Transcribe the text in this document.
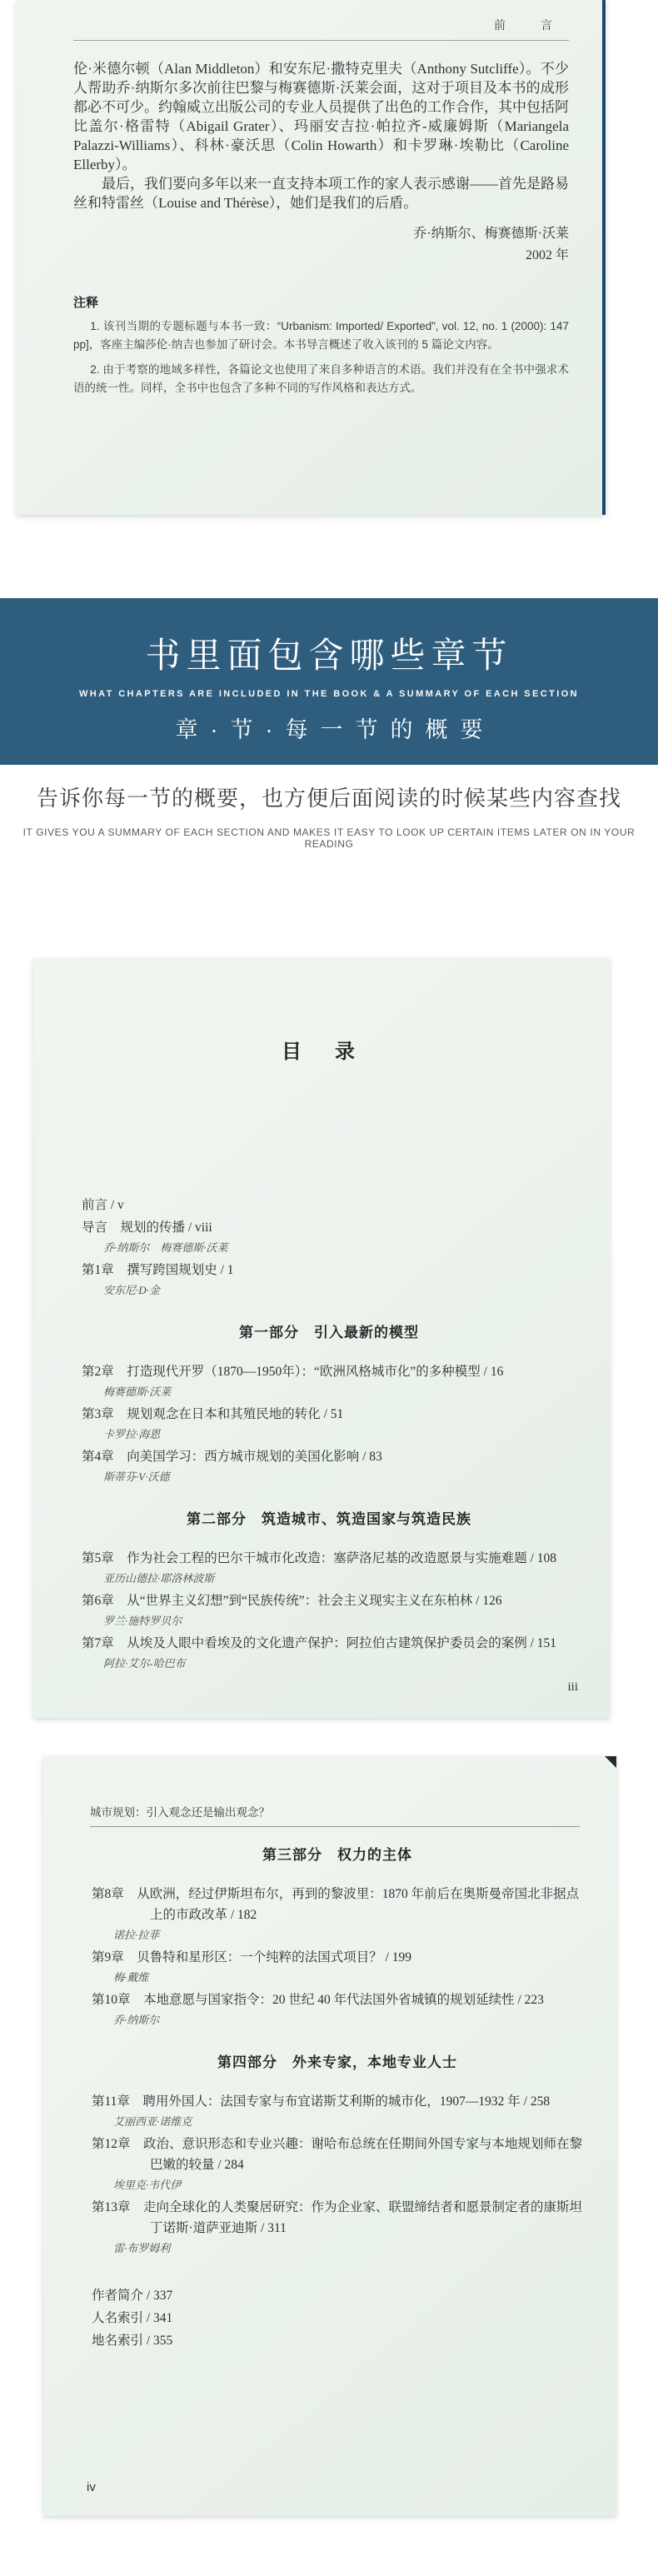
前　言

伦·米德尔顿（Alan Middleton）和安东尼·撒特克里夫（Anthony Sutcliffe）。不少人帮助乔·纳斯尔多次前往巴黎与梅赛德斯·沃莱会面，这对于项目及本书的成形都必不可少。约翰威立出版公司的专业人员提供了出色的工作合作，其中包括阿比盖尔·格雷特（Abigail Grater）、玛丽安吉拉·帕拉齐-威廉姆斯（Mariangela Palazzi-Williams）、科林·豪沃思（Colin Howarth）和卡罗琳·埃勒比（Caroline Ellerby）。

最后，我们要向多年以来一直支持本项工作的家人表示感谢——首先是路易丝和特雷丝（Louise and Thérèse），她们是我们的后盾。

乔·纳斯尔、梅赛德斯·沃莱
2002 年
注释

1. 该刊当期的专题标题与本书一致：“Urbanism: Imported/ Exported”, vol. 12, no. 1 (2000): 147 pp]，客座主编莎伦·纳吉也参加了研讨会。本书导言概述了收入该刊的 5 篇论文内容。

2. 由于考察的地域多样性，各篇论文也使用了来自多种语言的术语。我们并没有在全书中强求术语的统一性。同样，全书中也包含了多种不同的写作风格和表达方式。

书里面包含哪些章节
WHAT CHAPTERS ARE INCLUDED IN THE BOOK & A SUMMARY OF EACH SECTION
章·节·每一节的概要
告诉你每一节的概要，也方便后面阅读的时候某些内容查找
IT GIVES YOU A SUMMARY OF EACH SECTION AND MAKES IT EASY TO LOOK UP CERTAIN ITEMS LATER ON IN YOUR READING
目　录
前言 / v
导言　规划的传播 / viii
乔·纳斯尔　梅赛德斯·沃莱
第1章　撰写跨国规划史 / 1
安东尼·D·金
第一部分　引入最新的模型
第2章　打造现代开罗（1870—1950年）：“欧洲风格城市化”的多种模型 / 16
梅赛德斯·沃莱
第3章　规划观念在日本和其殖民地的转化 / 51
卡罗拉·海恩
第4章　向美国学习：西方城市规划的美国化影响 / 83
斯蒂芬·V·沃德
第二部分　筑造城市、筑造国家与筑造民族
第5章　作为社会工程的巴尔干城市化改造：塞萨洛尼基的改造愿景与实施难题 / 108
亚历山德拉·耶洛林波斯
第6章　从“世界主义幻想”到“民族传统”：社会主义现实主义在东柏林 / 126
罗兰·施特罗贝尔
第7章　从埃及人眼中看埃及的文化遗产保护：阿拉伯古建筑保护委员会的案例 / 151
阿拉·艾尔-哈巴布
iii
城市规划：引入观念还是输出观念？
第三部分　权力的主体
第8章　从欧洲，经过伊斯坦布尔，再到的黎波里：1870 年前后在奥斯曼帝国北非据点上的市政改革 / 182
诺拉·拉菲
第9章　贝鲁特和星形区：一个纯粹的法国式项目？ / 199
梅·戴维
第10章　本地意愿与国家指令：20 世纪 40 年代法国外省城镇的规划延续性 / 223
乔·纳斯尔
第四部分　外来专家，本地专业人士
第11章　聘用外国人：法国专家与布宜诺斯艾利斯的城市化，1907—1932 年 / 258
艾丽西亚·诺维克
第12章　政治、意识形态和专业兴趣：谢哈布总统在任期间外国专家与本地规划师在黎巴嫩的较量 / 284
埃里克·韦代伊
第13章　走向全球化的人类聚居研究：作为企业家、联盟缔结者和愿景制定者的康斯坦丁诺斯·道萨亚迪斯 / 311
雷·布罗姆利
作者简介 / 337
人名索引 / 341
地名索引 / 355
iv
